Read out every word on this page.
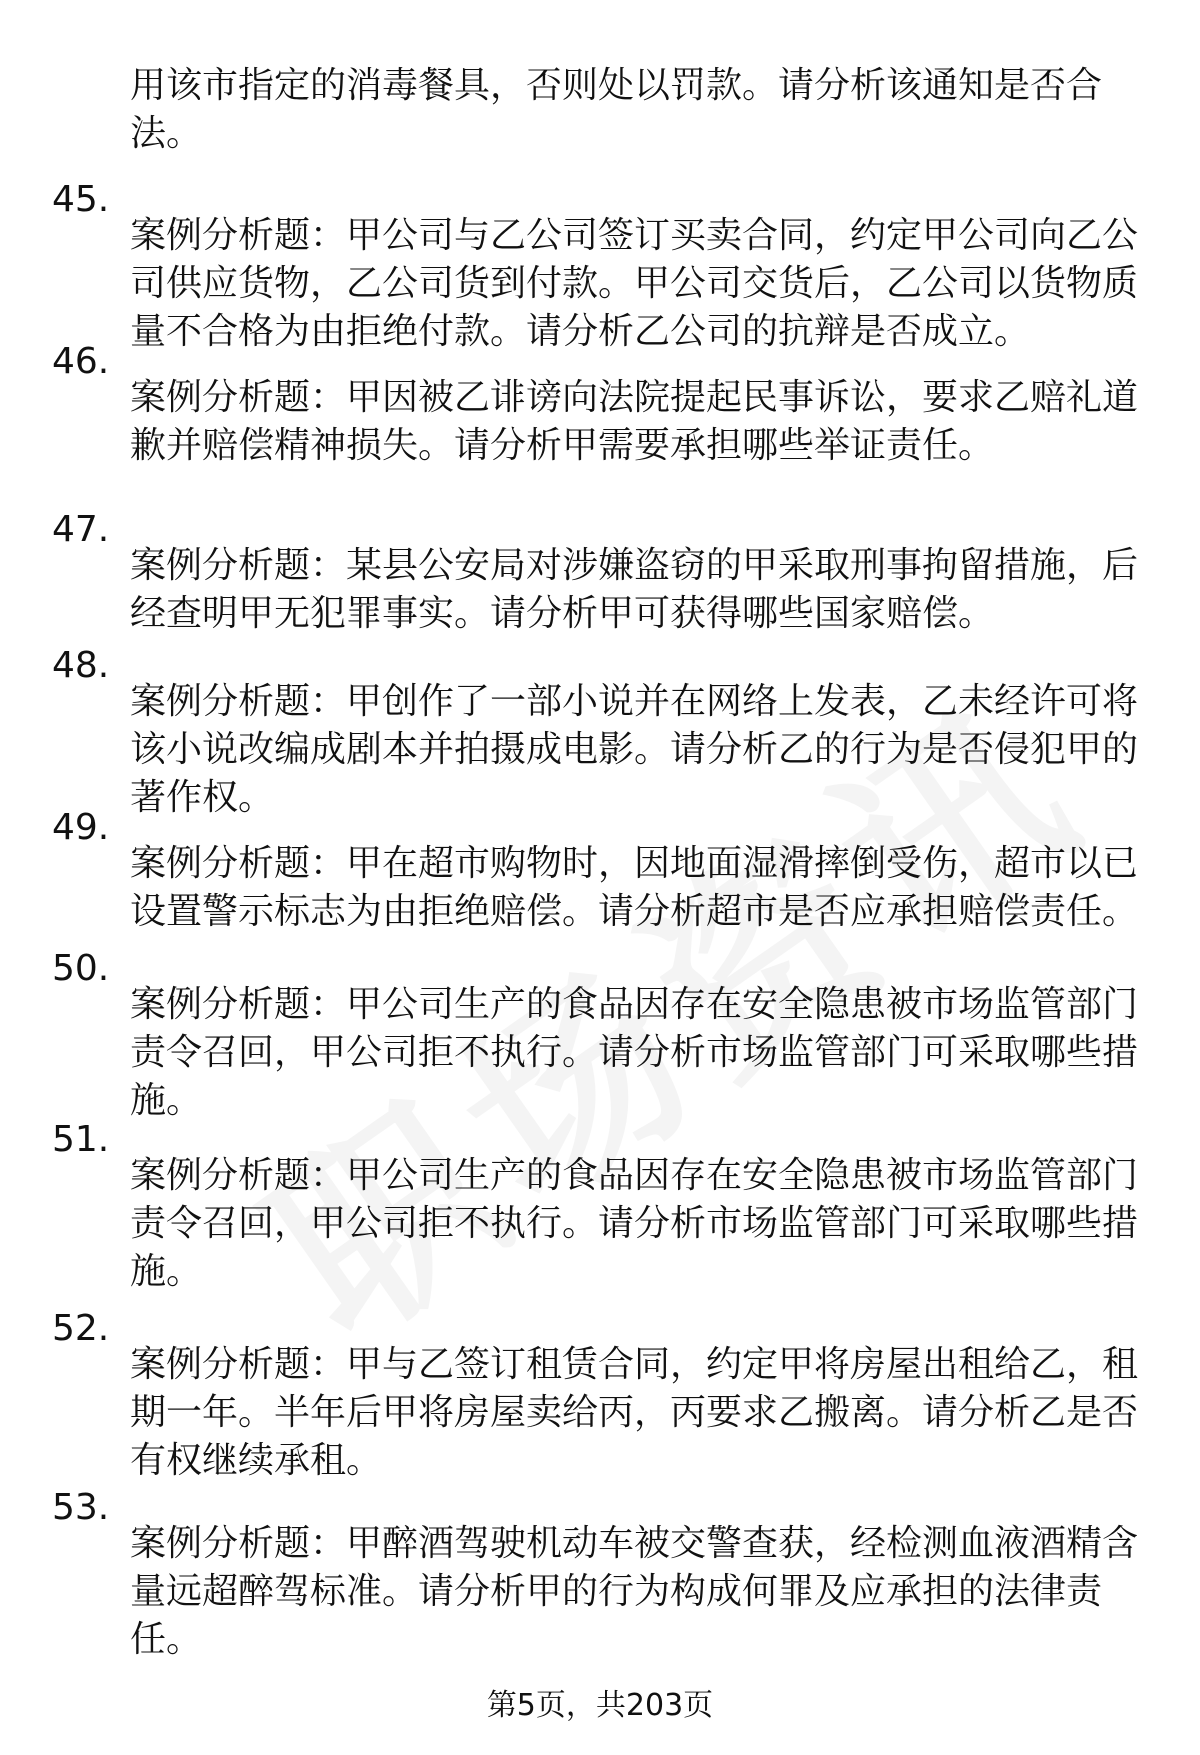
用该市指定的消毒餐具，否则处以罚款。请分析该通知是否合法。

45.

案例分析题：甲公司与乙公司签订买卖合同，约定甲公司向乙公司供应货物，乙公司货到付款。甲公司交货后，乙公司以货物质量不合格为由拒绝付款。请分析乙公司的抗辩是否成立。

46.

案例分析题：甲因被乙诽谤向法院提起民事诉讼，要求乙赔礼道歉并赔偿精神损失。请分析甲需要承担哪些举证责任。

47.

案例分析题：某县公安局对涉嫌盗窃的甲采取刑事拘留措施，后经查明甲无犯罪事实。请分析甲可获得哪些国家赔偿。

48.

案例分析题：甲创作了一部小说并在网络上发表，乙未经许可将该小说改编成剧本并拍摄成电影。请分析乙的行为是否侵犯甲的著作权。

49.

案例分析题：甲在超市购物时，因地面湿滑摔倒受伤，超市以已设置警示标志为由拒绝赔偿。请分析超市是否应承担赔偿责任。

50.

案例分析题：甲公司生产的食品因存在安全隐患被市场监管部门责令召回，甲公司拒不执行。请分析市场监管部门可采取哪些措施。

51.

案例分析题：甲公司生产的食品因存在安全隐患被市场监管部门责令召回，甲公司拒不执行。请分析市场监管部门可采取哪些措施。

52.

案例分析题：甲与乙签订租赁合同，约定甲将房屋出租给乙，租期一年。半年后甲将房屋卖给丙，丙要求乙搬离。请分析乙是否有权继续承租。

53.

案例分析题：甲醉酒驾驶机动车被交警查获，经检测血液酒精含量远超醉驾标准。请分析甲的行为构成何罪及应承担的法律责任。

第5页，共203页
